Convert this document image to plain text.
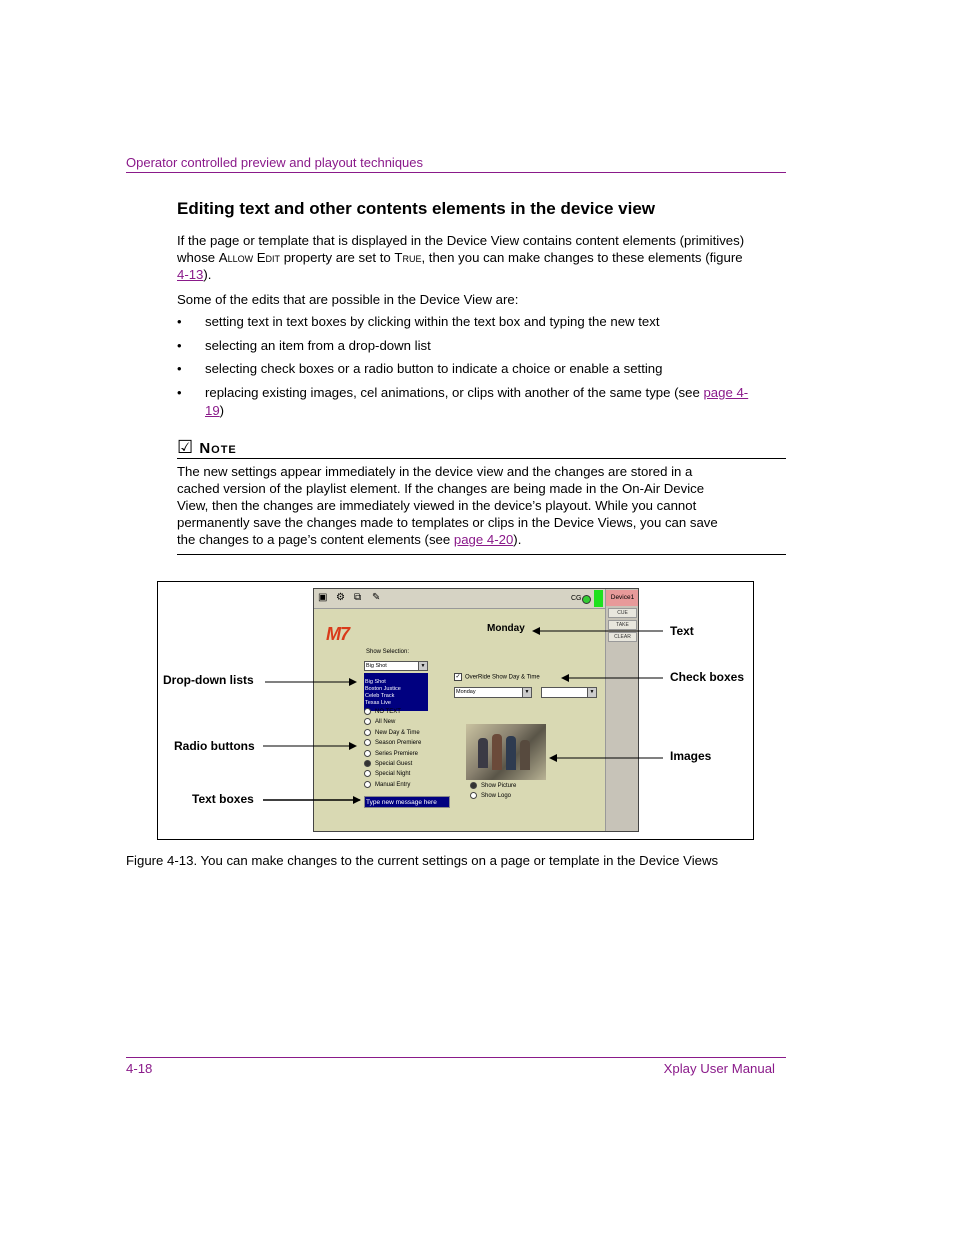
Operator controlled preview and playout techniques
Editing text and other contents elements in the device view

If the page or template that is displayed in the Device View contains content elements (primitives) whose Allow Edit property are set to True, then you can make changes to these elements (figure 4-13).

Some of the edits that are possible in the Device View are:

• setting text in text boxes by clicking within the text box and typing the new text
• selecting an item from a drop-down list
• selecting check boxes or a radio button to indicate a choice or enable a setting
• replacing existing images, cel animations, or clips with another of the same type (see page 4-19)
☑ Note

The new settings appear immediately in the device view and the changes are stored in a cached version of the playlist element. If the changes are being made in the On-Air Device View, then the changes are immediately viewed in the device’s playout. While you cannot permanently save the changes made to templates or clips in the Device Views, you can save the changes to a page’s content elements (see page 4-20).

▣ ⚙ ⧉ ✎	CG	Device1
CUE
TAKE
CLEAR
M7	Monday
Show Selection:
Big Shot	▼
Big Shot
Boston Justice
Celeb Track
Texas Live
NO TEXT
All New
New Day & Time
Season Premiere
Series Premiere
Special Guest
Special Night
Manual Entry
Type new message here
✓ OverRide Show Day & Time
Monday	▼	▼
Show Picture
Show Logo
Drop-down lists
Radio buttons
Text boxes
Text
Check boxes
Images
Figure 4-13. You can make changes to the current settings on a page or template in the Device Views
4-18	Xplay User Manual
